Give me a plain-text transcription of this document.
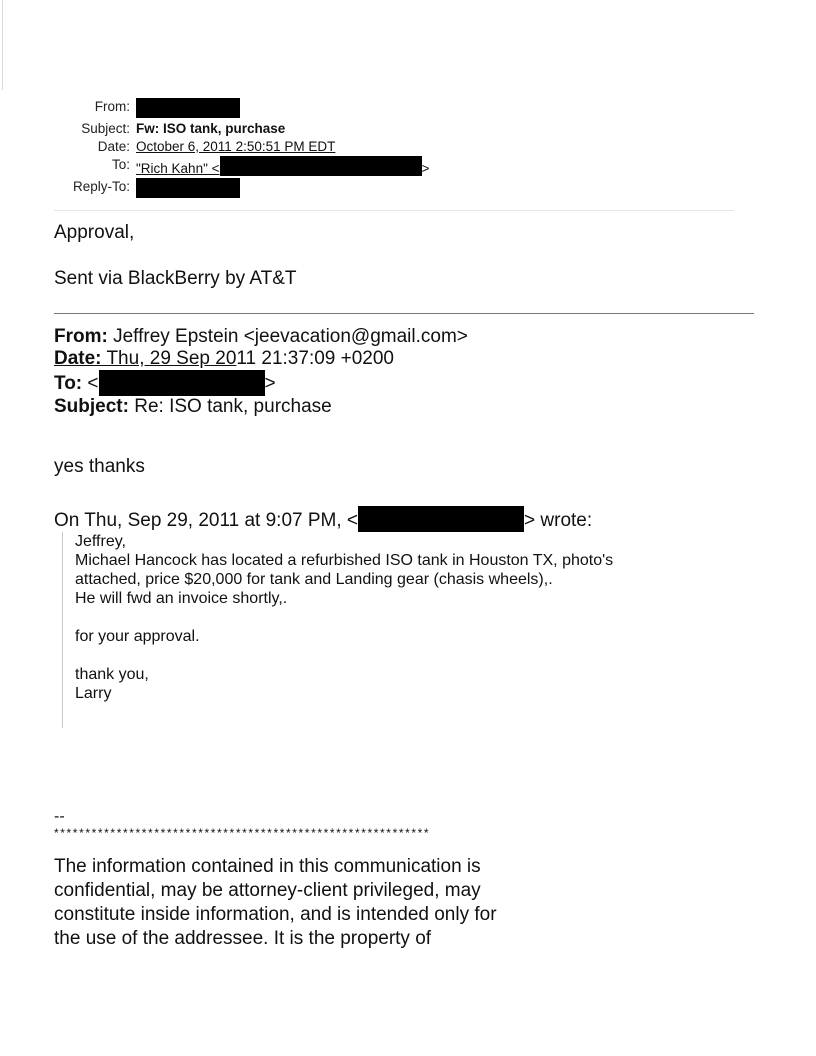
From:
Subject: Fw: ISO tank, purchase
Date: October 6, 2011 2:50:51 PM EDT
To: "Rich Kahn" <	>
Reply-To:
Approval,
Sent via BlackBerry by AT&T
From: Jeffrey Epstein <jeevacation@gmail.com>
Date: Thu, 29 Sep 2011 21:37:09 +0200
To: <	>
Subject: Re: ISO tank, purchase
yes thanks
On Thu, Sep 29, 2011 at 9:07 PM, <	> wrote:
Jeffrey,
Michael Hancock has located a refurbished ISO tank in Houston TX, photo's
attached, price $20,000 for tank and Landing gear (chasis wheels),.
He will fwd an invoice shortly,.
for your approval.
thank you,
Larry
--
************************************************************
The information contained in this communication is
confidential, may be attorney-client privileged, may
constitute inside information, and is intended only for
the use of the addressee. It is the property of
